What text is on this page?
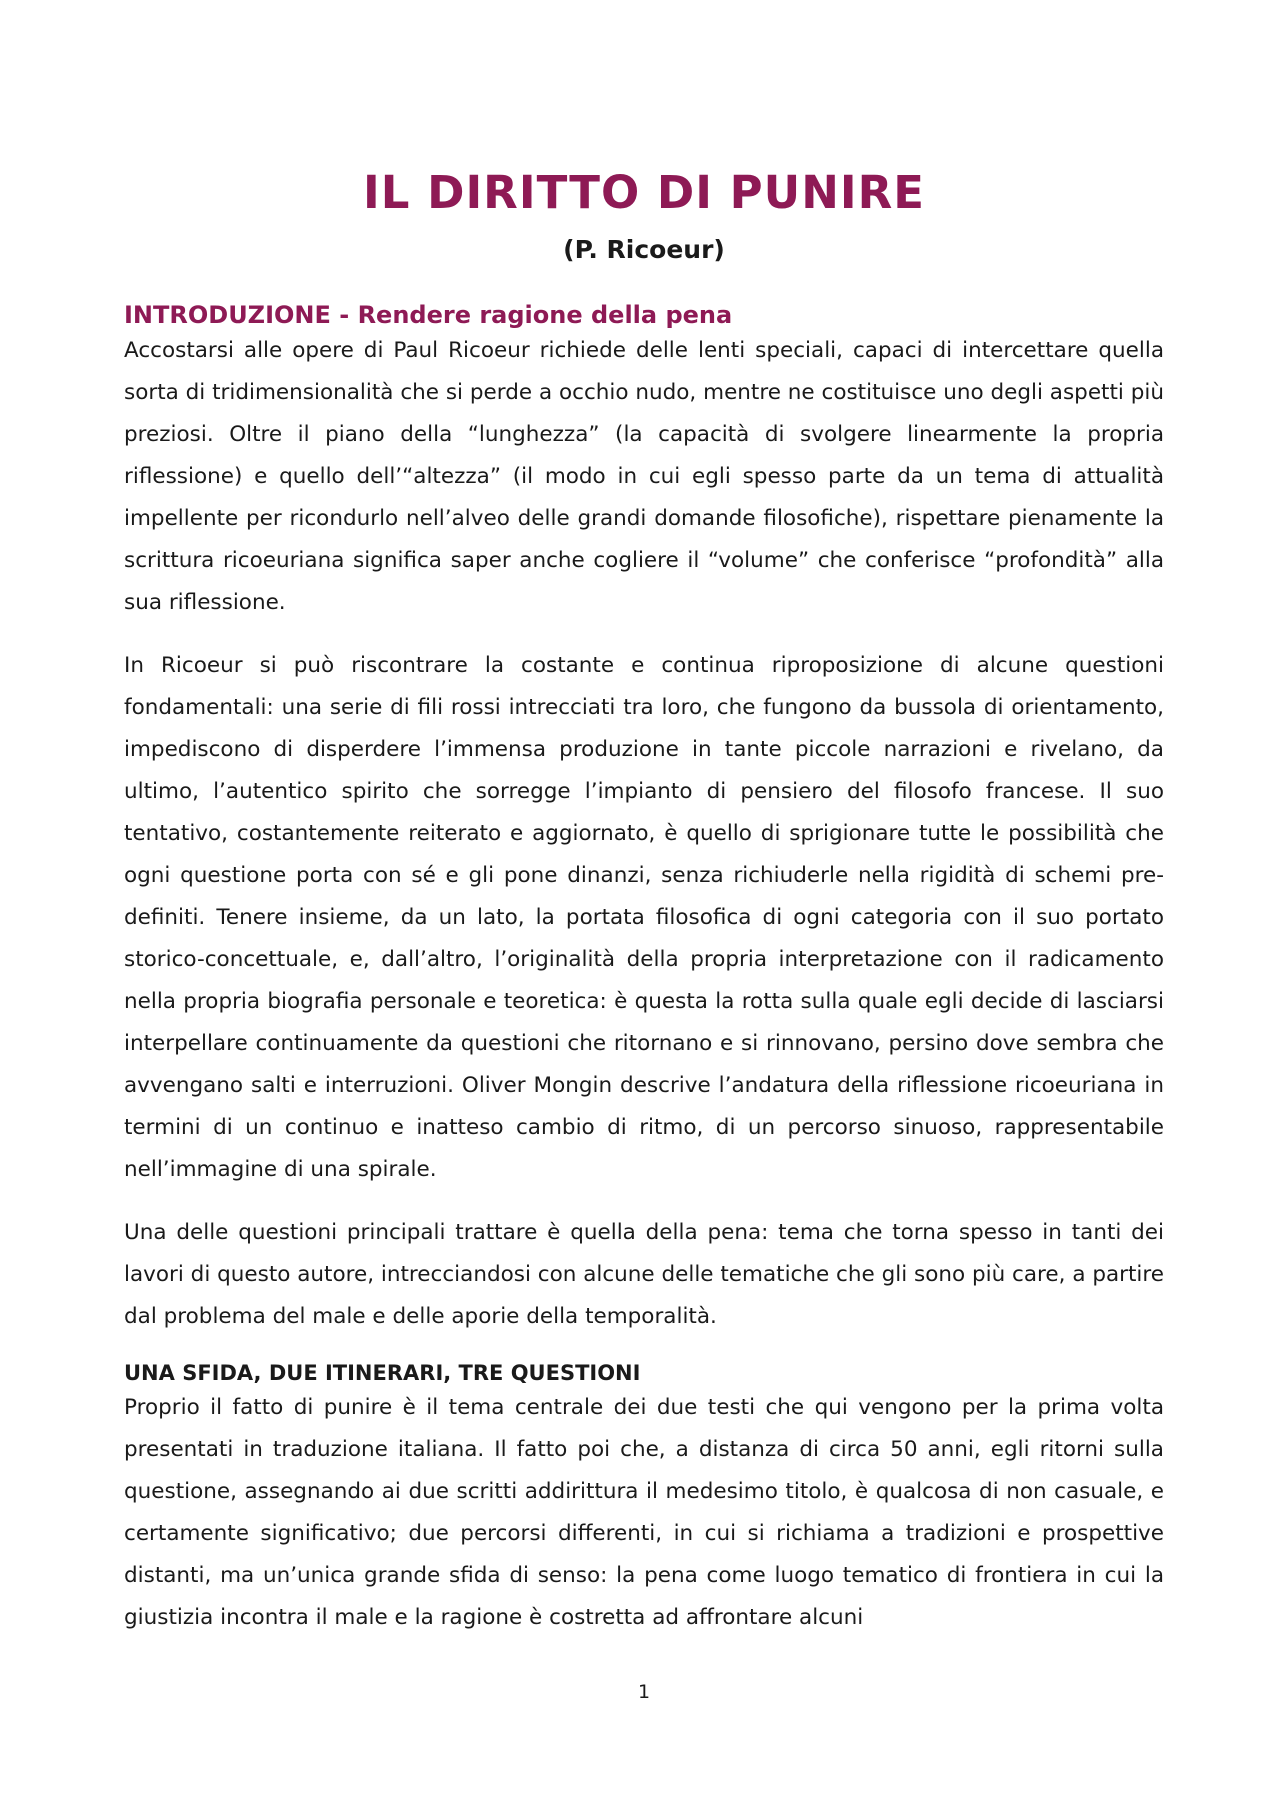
IL DIRITTO DI PUNIRE
(P. Ricoeur)
INTRODUZIONE - Rendere ragione della pena

Accostarsi alle opere di Paul Ricoeur richiede delle lenti speciali, capaci di intercettare quella sorta di tridimensionalità che si perde a occhio nudo, mentre ne costituisce uno degli aspetti più preziosi. Oltre il piano della “lunghezza” (la capacità di svolgere linearmente la propria riflessione) e quello dell’“altezza” (il modo in cui egli spesso parte da un tema di attualità impellente per ricondurlo nell’alveo delle grandi domande filosofiche), rispettare pienamente la scrittura ricoeuriana significa saper anche cogliere il “volume” che conferisce “profondità” alla sua riflessione.

In Ricoeur si può riscontrare la costante e continua riproposizione di alcune questioni fondamentali: una serie di fili rossi intrecciati tra loro, che fungono da bussola di orientamento, impediscono di disperdere l’immensa produzione in tante piccole narrazioni e rivelano, da ultimo, l’autentico spirito che sorregge l’impianto di pensiero del filosofo francese. Il suo tentativo, costantemente reiterato e aggiornato, è quello di sprigionare tutte le possibilità che ogni questione porta con sé e gli pone dinanzi, senza richiuderle nella rigidità di schemi pre-definiti. Tenere insieme, da un lato, la portata filosofica di ogni categoria con il suo portato storico-concettuale, e, dall’altro, l’originalità della propria interpretazione con il radicamento nella propria biografia personale e teoretica: è questa la rotta sulla quale egli decide di lasciarsi interpellare continuamente da questioni che ritornano e si rinnovano, persino dove sembra che avvengano salti e interruzioni. Oliver Mongin descrive l’andatura della riflessione ricoeuriana in termini di un continuo e inatteso cambio di ritmo, di un percorso sinuoso, rappresentabile nell’immagine di una spirale.

Una delle questioni principali trattare è quella della pena: tema che torna spesso in tanti dei lavori di questo autore, intrecciandosi con alcune delle tematiche che gli sono più care, a partire dal problema del male e delle aporie della temporalità.

UNA SFIDA, DUE ITINERARI, TRE QUESTIONI

Proprio il fatto di punire è il tema centrale dei due testi che qui vengono per la prima volta presentati in traduzione italiana. Il fatto poi che, a distanza di circa 50 anni, egli ritorni sulla questione, assegnando ai due scritti addirittura il medesimo titolo, è qualcosa di non casuale, e certamente significativo; due percorsi differenti, in cui si richiama a tradizioni e prospettive distanti, ma un’unica grande sfida di senso: la pena come luogo tematico di frontiera in cui la giustizia incontra il male e la ragione è costretta ad affrontare alcuni

1
